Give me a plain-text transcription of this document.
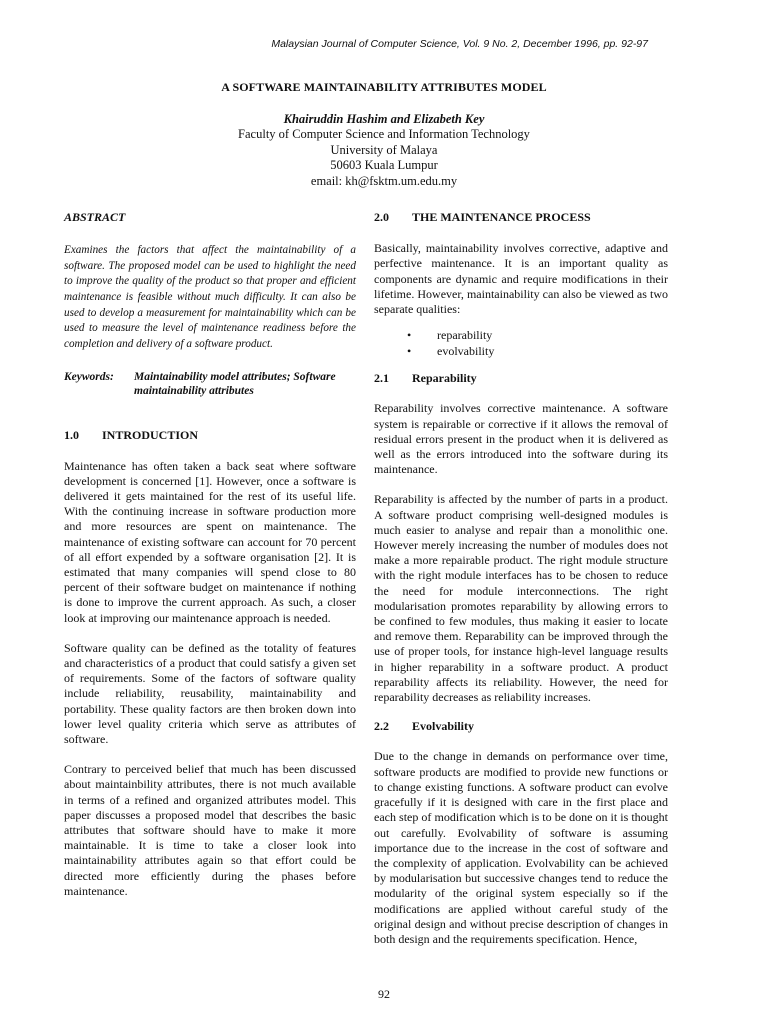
Malaysian Journal of Computer Science, Vol. 9 No. 2, December 1996, pp. 92-97
A SOFTWARE MAINTAINABILITY ATTRIBUTES MODEL
Khairuddin Hashim and Elizabeth Key
Faculty of Computer Science and Information Technology
University of Malaya
50603 Kuala Lumpur
email: kh@fsktm.um.edu.my

ABSTRACT

Examines the factors that affect the maintainability of a software. The proposed model can be used to highlight the need to improve the quality of the product so that proper and efficient maintenance is feasible without much difficulty. It can also be used to develop a measurement for maintainability which can be used to measure the level of maintenance readiness before the completion and delivery of a software product.

Keywords:	Maintainability model attributes; Software maintainability attributes
1.0	INTRODUCTION

Maintenance has often taken a back seat where software development is concerned [1]. However, once a software is delivered it gets maintained for the rest of its useful life. With the continuing increase in software production more and more resources are spent on maintenance. The maintenance of existing software can account for 70 percent of all effort expended by a software organisation [2]. It is estimated that many companies will spend close to 80 percent of their software budget on maintenance if nothing is done to improve the current approach. As such, a closer look at improving our maintenance approach is needed.

Software quality can be defined as the totality of features and characteristics of a product that could satisfy a given set of requirements. Some of the factors of software quality include reliability, reusability, maintainability and portability. These quality factors are then broken down into lower level quality criteria which serve as attributes of software.

Contrary to perceived belief that much has been discussed about maintainbility attributes, there is not much available in terms of a refined and organized attributes model. This paper discusses a proposed model that describes the basic attributes that software should have to make it more maintainable. It is time to take a closer look into maintainability attributes again so that effort could be directed more efficiently during the phases before maintenance.

2.0	THE MAINTENANCE PROCESS

Basically, maintainability involves corrective, adaptive and perfective maintenance. It is an important quality as components are dynamic and require modifications in their lifetime. However, maintainability can also be viewed as two separate qualities:

•	reparability
•	evolvability
2.1	Reparability

Reparability involves corrective maintenance. A software system is repairable or corrective if it allows the removal of residual errors present in the product when it is delivered as well as the errors introduced into the software during its maintenance.

Reparability is affected by the number of parts in a product. A software product comprising well-designed modules is much easier to analyse and repair than a monolithic one. However merely increasing the number of modules does not make a more repairable product. The right module structure with the right module interfaces has to be chosen to reduce the need for module interconnections. The right modularisation promotes reparability by allowing errors to be confined to few modules, thus making it easier to locate and remove them. Reparability can be improved through the use of proper tools, for instance high-level language results in higher reparability in a software product. A product reparability affects its reliability. However, the need for reparability decreases as reliability increases.

2.2	Evolvability

Due to the change in demands on performance over time, software products are modified to provide new functions or to change existing functions. A software product can evolve gracefully if it is designed with care in the first place and each step of modification which is to be done on it is thought out carefully. Evolvability of software is assuming importance due to the increase in the cost of software and the complexity of application. Evolvability can be achieved by modularisation but successive changes tend to reduce the modularity of the original system especially so if the modifications are applied without careful study of the original design and without precise description of changes in both design and the requirements specification. Hence,

92
